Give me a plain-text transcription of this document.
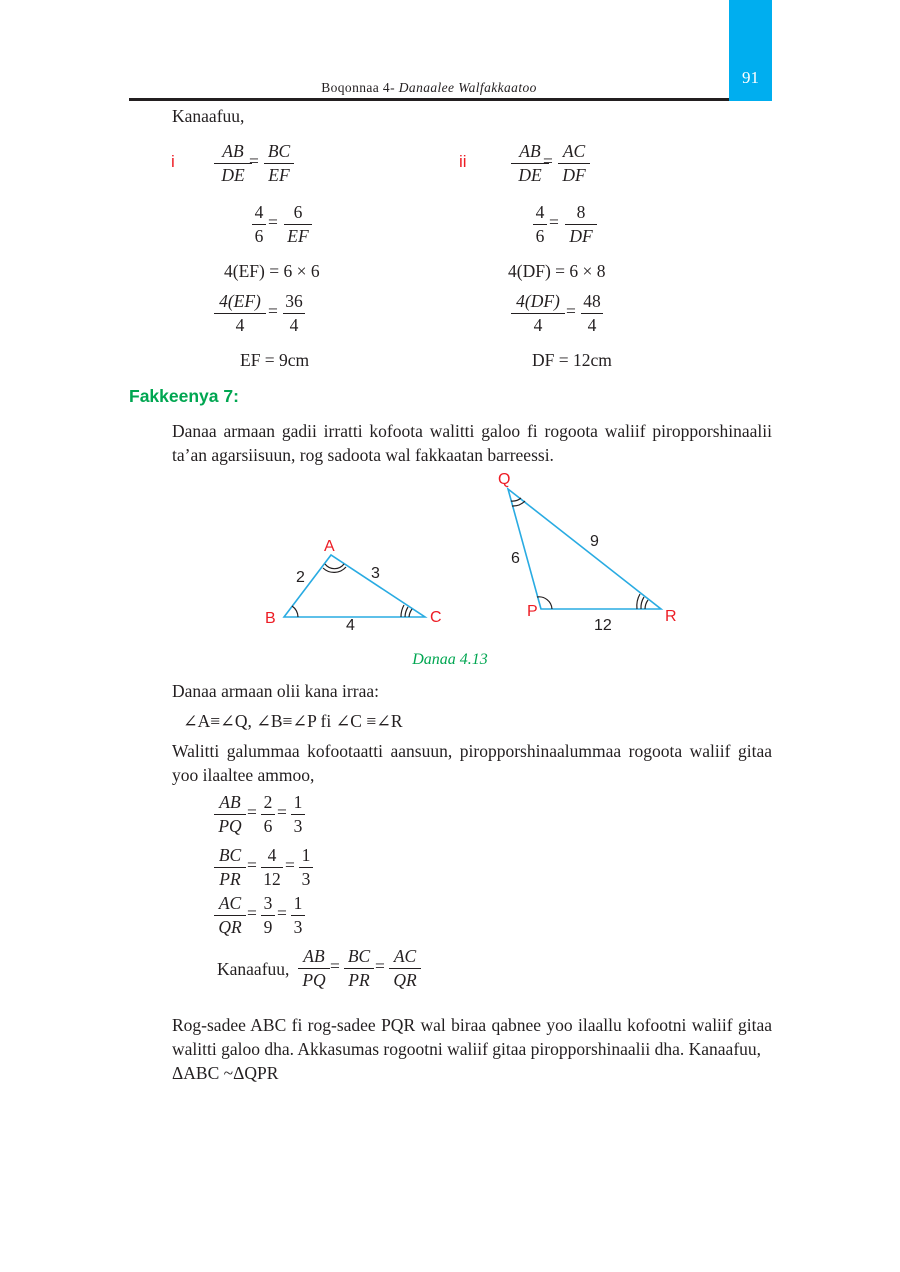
91
Boqonnaa 4- Danaalee Walfakkaatoo
Kanaafuu,
i
AB
DE
= BC
EF
4
6
= 6
EF
4(EF) = 6 × 6
4(EF)
4
= 36
4
EF = 9cm
ii
AB
DE
= AC
DF
4
6
=	8
DF
4(DF) = 6 × 8
4(DF)
4
= 48
4
DF = 12cm
Fakkeenya 7:
Danaa armaan gadii irratti kofoota walitti galoo fi rogoota waliif piropporshinaalii ta’an agarsiisuun, rog sadoota wal fakkaatan barreessi.
A
B	C
2	3
4
Q
P	R
6
9
12
Danaa 4.13
Danaa armaan olii kana irraa:
∠A≡∠Q, ∠B≡∠P fi ∠C ≡∠R
Walitti galummaa kofootaatti aansuun, piropporshinaalummaa rogoota waliif gitaa yoo ilaaltee ammoo,
AB
PQ
= 2
6
= 1
3
BC
PR
= 4
12
= 1
3
AC
QR
= 3
9
= 1
3
Kanaafuu,
AB
PQ
= BC
PR
= AC
QR
Rog-sadee ABC fi rog-sadee PQR wal biraa qabnee yoo ilaallu kofootni waliif gitaa walitti galoo dha. Akkasumas rogootni waliif gitaa piropporshinaalii dha. Kanaafuu,
ΔABC ~ΔQPR
